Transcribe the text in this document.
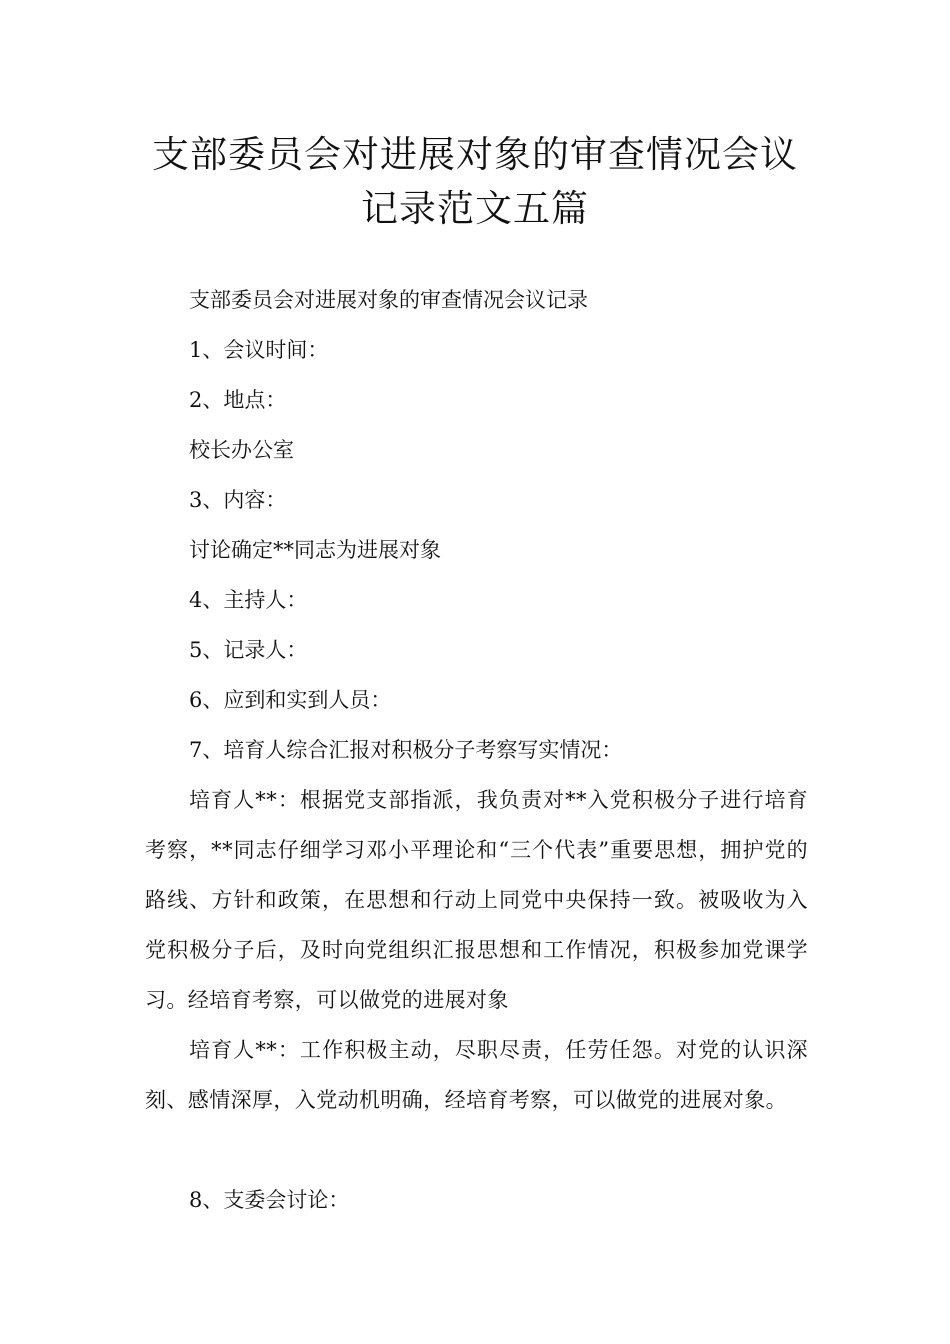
支部委员会对进展对象的审查情况会议
记录范文五篇
支部委员会对进展对象的审查情况会议记录
1、会议时间：
2、地点：
校长办公室
3、内容：
讨论确定**同志为进展对象
4、主持人：
5、记录人：
6、应到和实到人员：
7、培育人综合汇报对积极分子考察写实情况：

培育人**：根据党支部指派，我负责对**入党积极分子进行培育考察，**同志仔细学习邓小平理论和“三个代表”重要思想，拥护党的路线、方针和政策，在思想和行动上同党中央保持一致。被吸收为入党积极分子后，及时向党组织汇报思想和工作情况，积极参加党课学习。经培育考察，可以做党的进展对象

培育人**：工作积极主动，尽职尽责，任劳任怨。对党的认识深刻、感情深厚，入党动机明确，经培育考察，可以做党的进展对象。

8、支委会讨论：
